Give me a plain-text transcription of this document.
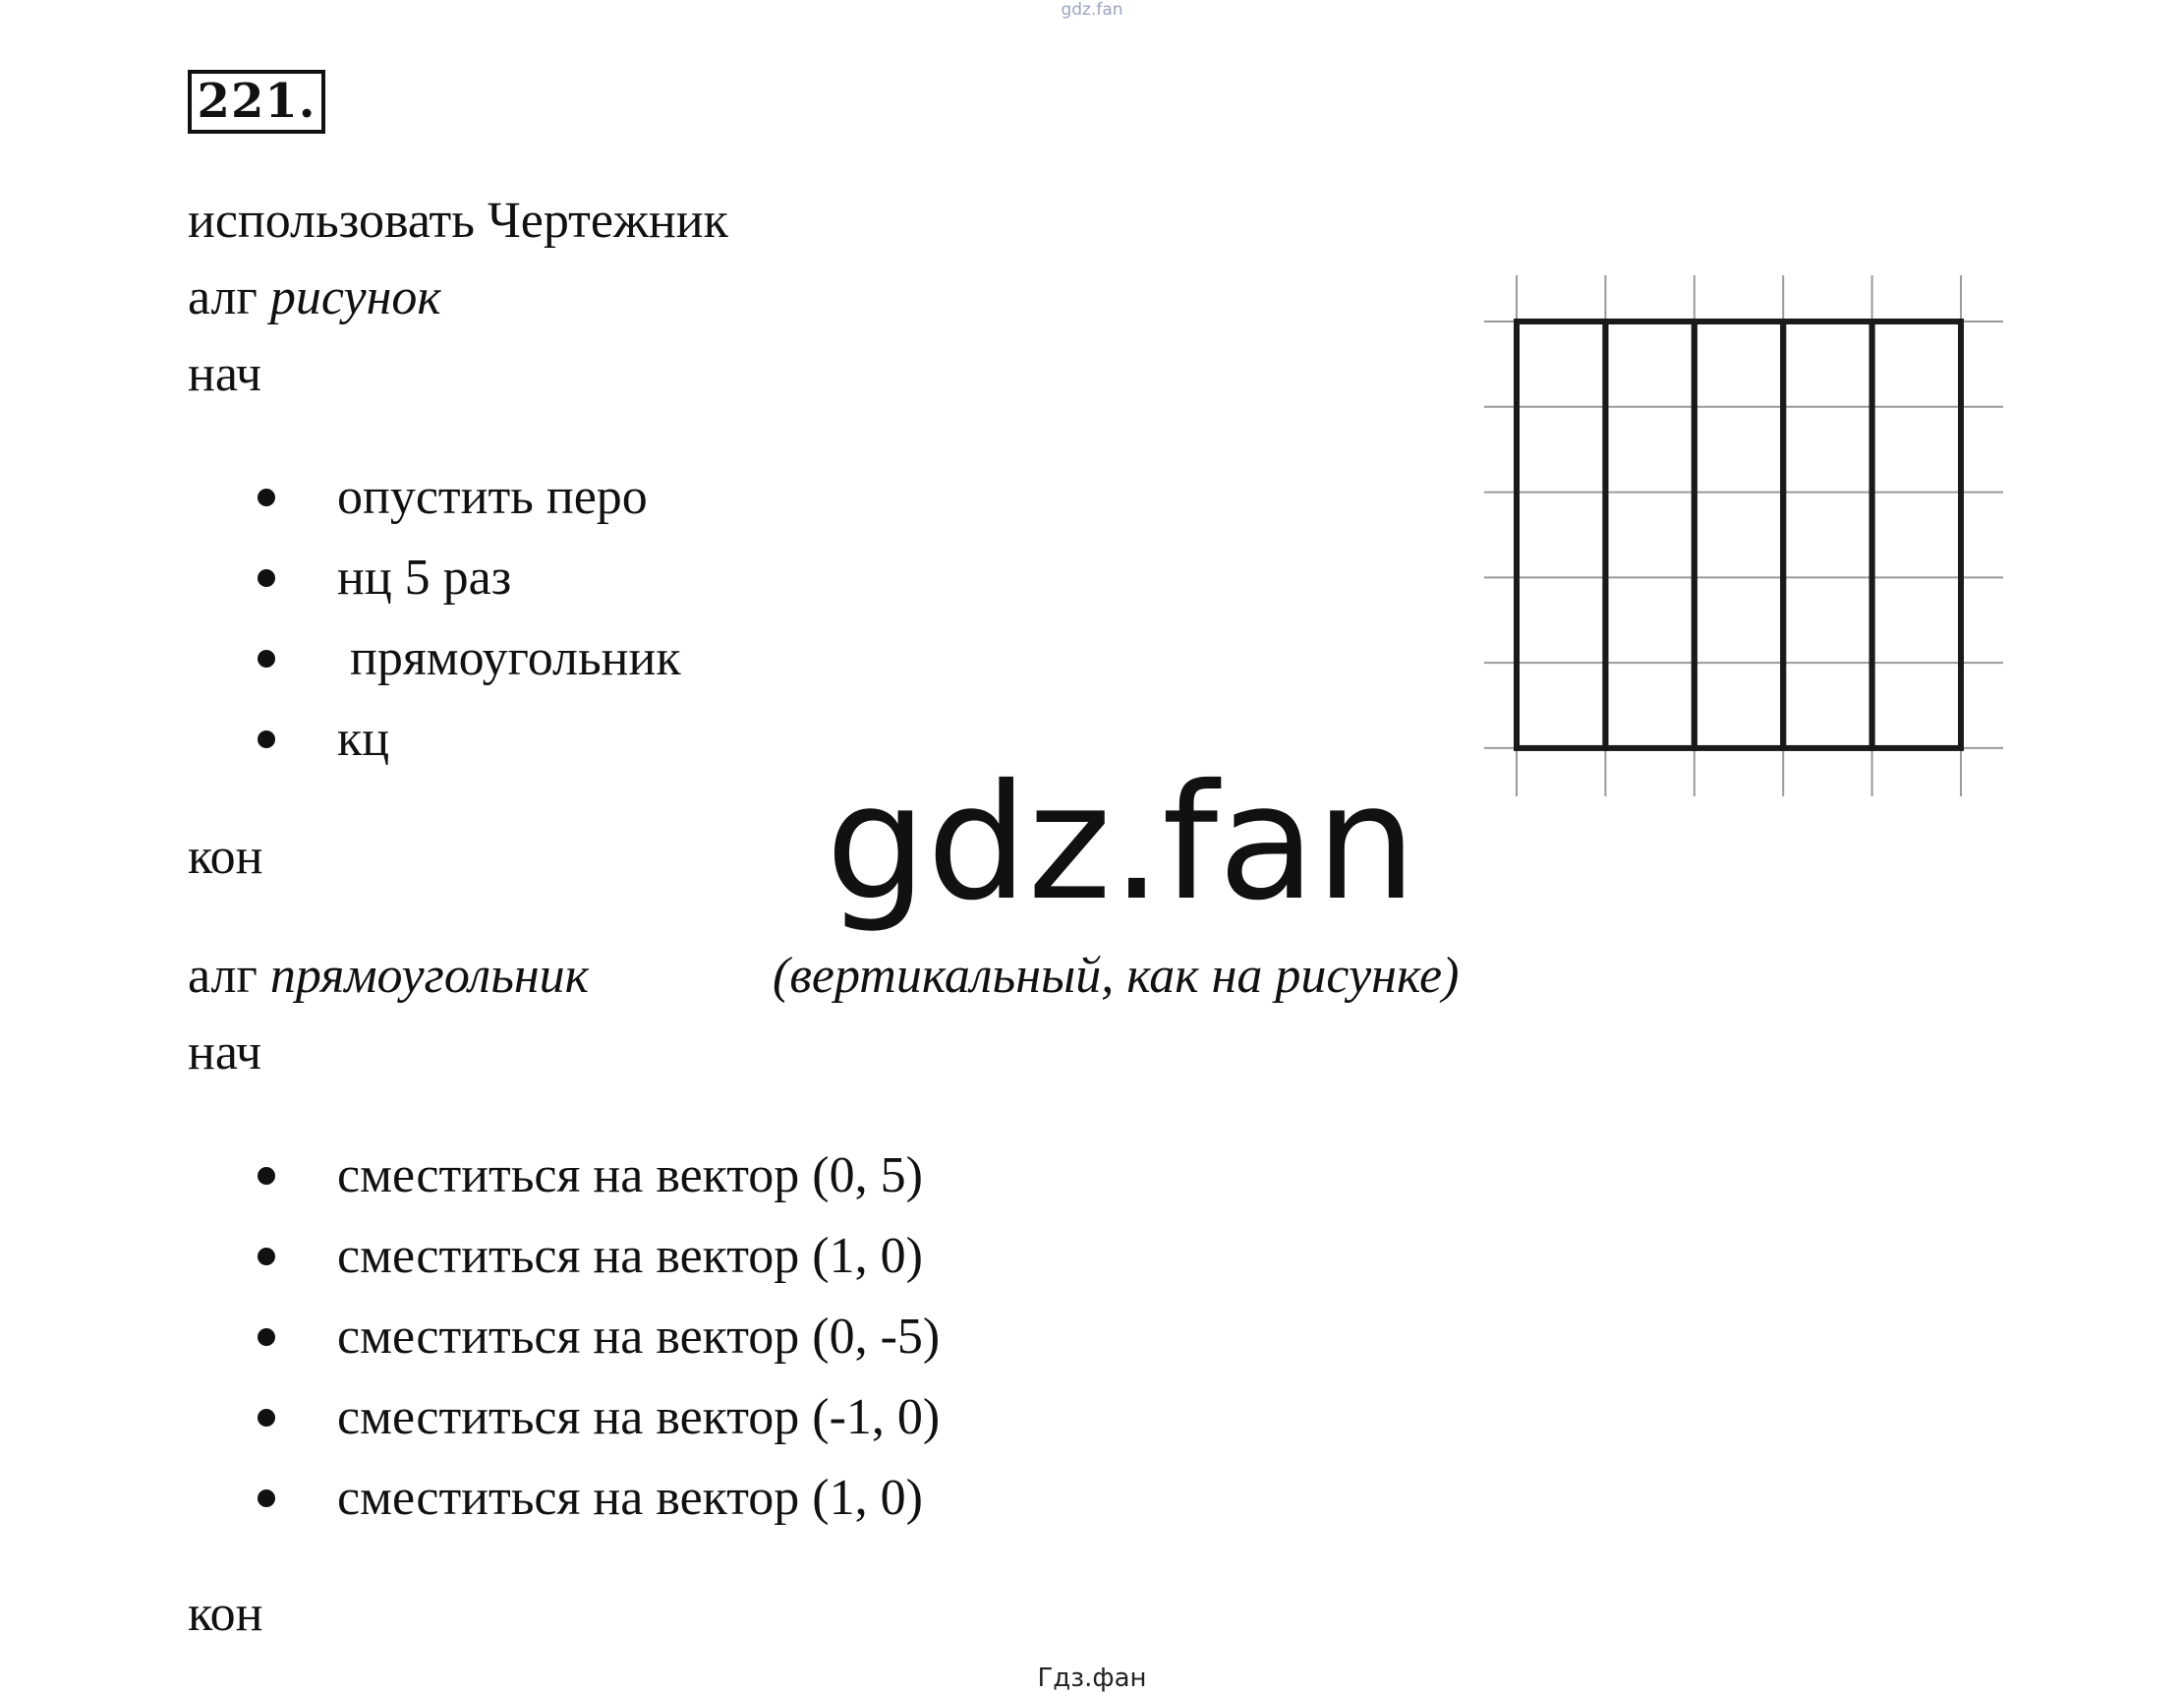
gdz.fan
221.
использовать Чертежник
алг рисунок
нач
опустить перо
нц 5 раз
прямоугольник
кц
кон
алг прямоугольник	(вертикальный, как на рисунке)
нач
сместиться на вектор (0, 5)
сместиться на вектор (1, 0)
сместиться на вектор (0, -5)
сместиться на вектор (-1, 0)
сместиться на вектор (1, 0)
кон
gdz.fan
Гдз.фан
